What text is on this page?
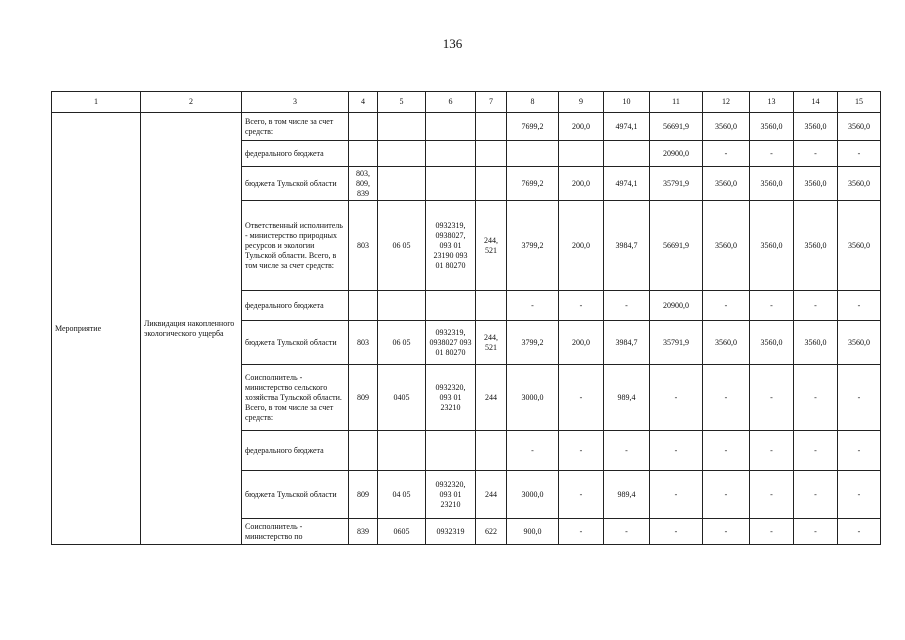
136
1	2	3	4	5	6	7	8	9	10	11	12	13	14	15
Мероприятие	Ликвидация накопленного экологического ущерба	Всего, в том числе за счет средств:					7699,2	200,0	4974,1	56691,9	3560,0	3560,0	3560,0	3560,0
		федерального бюджета								20900,0	-	-	-	-
		бюджета Тульской области	803, 809, 839				7699,2	200,0	4974,1	35791,9	3560,0	3560,0	3560,0	3560,0
		Ответственный исполнитель - министерство природных ресурсов и экологии Тульской области. Всего, в том числе за счет средств:	803	06 05	0932319, 0938027, 093 01 23190 093 01 80270	244, 521	3799,2	200,0	3984,7	56691,9	3560,0	3560,0	3560,0	3560,0
		федерального бюджета					-	-	-	20900,0	-	-	-	-
		бюджета Тульской области	803	06 05	0932319, 0938027 093 01 80270	244, 521	3799,2	200,0	3984,7	35791,9	3560,0	3560,0	3560,0	3560,0
		Соисполнитель - министерство сельского хозяйства Тульской области. Всего, в том числе за счет средств:	809	0405	0932320, 093 01 23210	244	3000,0	-	989,4	-	-	-	-	-
		федерального бюджета					-	-	-	-	-	-	-	-
		бюджета Тульской области	809	04 05	0932320, 093 01 23210	244	3000,0	-	989,4	-	-	-	-	-
		Соисполнитель - министерство по	839	0605	0932319	622	900,0	-	-	-	-	-	-	-
